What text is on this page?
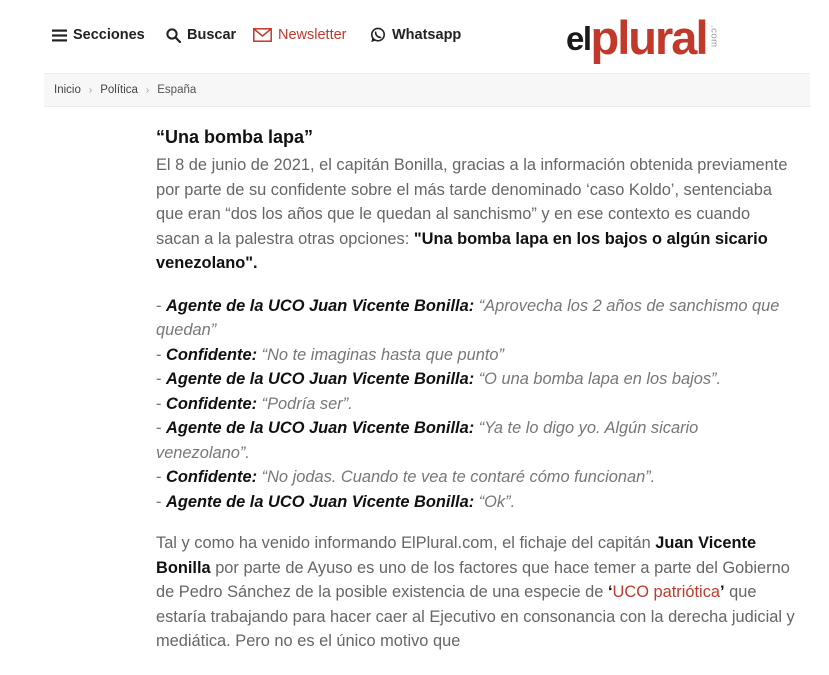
Secciones	Buscar	Newsletter	Whatsapp	el plural .com
Inicio › Política › España
“Una bomba lapa”

El 8 de junio de 2021, el capitán Bonilla, gracias a la información obtenida previamente por parte de su confidente sobre el más tarde denominado ‘caso Koldo’, sentenciaba que eran “dos los años que le quedan al sanchismo” y en ese contexto es cuando sacan a la palestra otras opciones: "Una bomba lapa en los bajos o algún sicario venezolano".

- Agente de la UCO Juan Vicente Bonilla: “Aprovecha los 2 años de sanchismo que quedan”
- Confidente: “No te imaginas hasta que punto”
- Agente de la UCO Juan Vicente Bonilla: “O una bomba lapa en los bajos”.
- Confidente: “Podría ser”.
- Agente de la UCO Juan Vicente Bonilla: “Ya te lo digo yo. Algún sicario venezolano”.
- Confidente: “No jodas. Cuando te vea te contaré cómo funcionan”.
- Agente de la UCO Juan Vicente Bonilla: “Ok”.

Tal y como ha venido informando ElPlural.com, el fichaje del capitán Juan Vicente Bonilla por parte de Ayuso es uno de los factores que hace temer a parte del Gobierno de Pedro Sánchez de la posible existencia de una especie de ‘UCO patriótica’ que estaría trabajando para hacer caer al Ejecutivo en consonancia con la derecha judicial y mediática. Pero no es el único motivo que
